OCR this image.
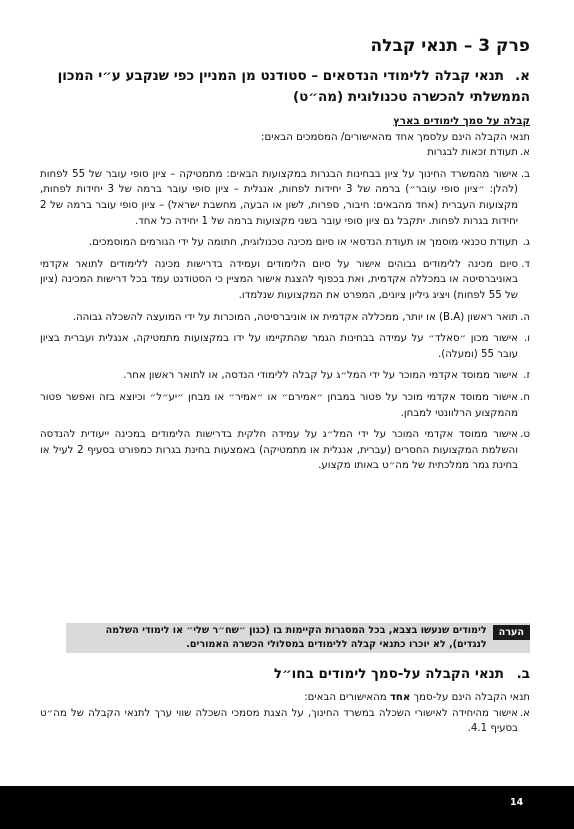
פרק 3 – תנאי קבלה
א.תנאי קבלה ללימודי הנדסאים – סטודנט מן המניין כפי שנקבע ע״י המכון הממשלתי להכשרה טכנולוגית (מה״ט)
קבלה על סמך לימודים בארץ
תנאי הקבלה הינם עלסמך אחד מהאישורים/ המסמכים הבאים:
א.
תעודת זכאות לבגרות
ב.
אישור מהמשרד החינוך על ציון בבחינות הבגרות במקצועות הבאים: מתמטיקה – ציון סופי עובר של 55 לפחות (להלן: ״ציון סופי עובר״) ברמה של 3 יחידות לפחות, אנגלית – ציון סופי עובר ברמה של 3 יחידות לפחות, מקצועות העברית (אחד מהבאים: חיבור, ספרות, לשון או הבעה, מחשבת ישראל) – ציון סופי עובר ברמה של 2 יחידות בגרות לפחות. יתקבל גם ציון סופי עובר בשני מקצועות ברמה של 1 יחידה כל אחד.
ג.
תעודת טכנאי מוסמך או תעודת הנדסאי או סיום מכינה טכנולוגית, חתומה על ידי הגורמים המוסמכים.
ד.
סיום מכינה ללימודים גבוהים אישור על סיום הלימודים ועמידה בדרישות מכינה ללימודים לתואר אקדמי באוניברסיטה או במכללה אקדמית, ואת בכפוף להצגת אישור המציין כי הסטודנט עמד בכל דרישות המכינה (ציון של 55 לפחות) ויציג גיליון ציונים, המפרט את המקצועות שנלמדו.
ה.
תואר ראשון (B.A) או יותר, ממכללה אקדמית או אוניברסיטה, המוכרות על ידי המועצה להשכלה גבוהה.
ו.
אישור מכון ״סאלד״ על עמידה בבחינות הגמר שהתקיימו על ידו במקצועות מתמטיקה, אנגלית ועברית בציון עובר 55 (ומעלה).
ז.
אישור ממוסד אקדמי המוכר על ידי המל״ג על קבלה ללימודי הנדסה, או לתואר ראשון אחר.
ח.
אישור ממוסד אקדמי מוכר על פטור במבחן ״אמירם״ או ״אמיר״ או מבחן ״יע״ל״ וכיוצא בזה ואפשר פטור מהמקצוע הרלוונטי למבחן.
ט.
אישור ממוסד אקדמי המוכר על ידי המל״ג על עמידה חלקית בדרישות הלימודים במכינה ייעודית להנדסה והשלמת המקצועות החסרים (עברית, אנגלית או מתמטיקה) באמצעות בחינת בגרות כמפורט בסעיף 2 לעיל או בחינת גמר ממלכתית של מה״ט באותו מקצוע.
הערה
לימודים שנעשו בצבא, בכל המסגרות הקיימות בו (כגון ״שח״ר שלי״ או לימודי השלמה לנגדים), לא יוכרו כתנאי קבלה ללימודים במסלולי הכשרה האמורים.
ב.תנאי הקבלה על-סמך לימודים בחו״ל
תנאי הקבלה הינם על-סמך אחד מהאישורים הבאים:
א.
אישור מהיחידה לאישורי השכלה במשרד החינוך, על הצגת מסמכי השכלה שווי ערך לתנאי הקבלה של מה״ט בסעיף 4.1.
14
